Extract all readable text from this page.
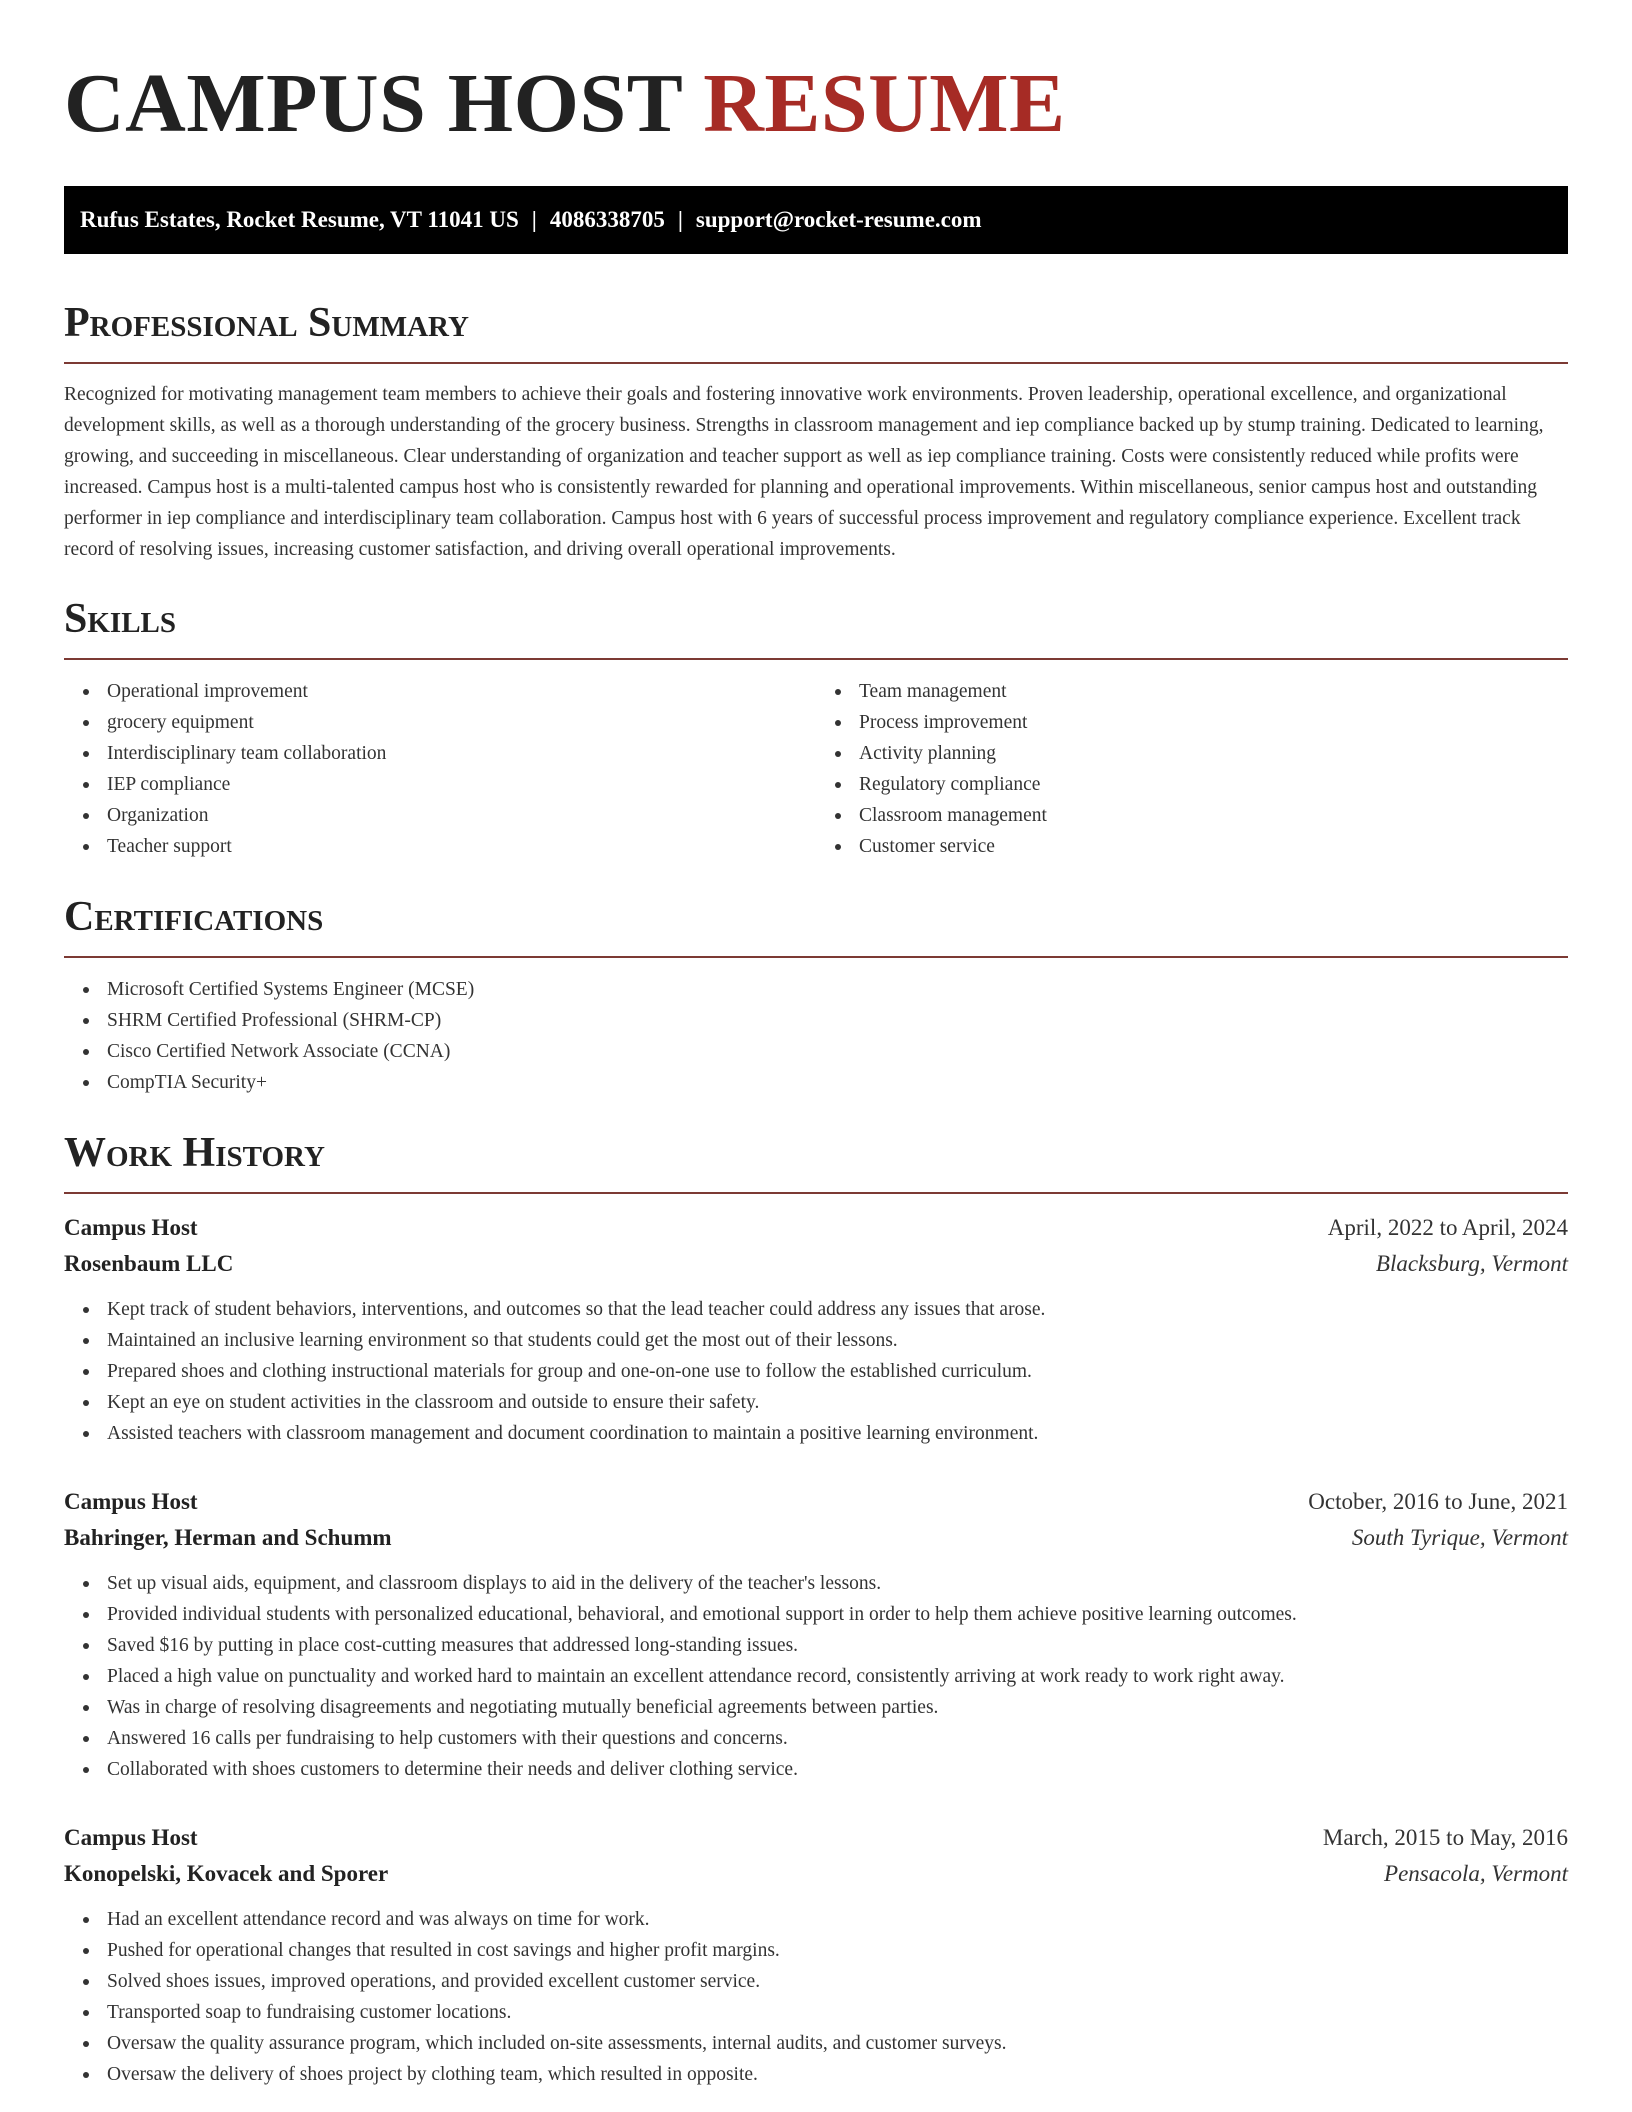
CAMPUS HOST RESUME
Rufus Estates, Rocket Resume, VT 11041 US | 4086338705 | support@rocket-resume.com
Professional Summary

Recognized for motivating management team members to achieve their goals and fostering innovative work environments. Proven leadership, operational excellence, and organizational development skills, as well as a thorough understanding of the grocery business. Strengths in classroom management and iep compliance backed up by stump training. Dedicated to learning, growing, and succeeding in miscellaneous. Clear understanding of organization and teacher support as well as iep compliance training. Costs were consistently reduced while profits were increased. Campus host is a multi-talented campus host who is consistently rewarded for planning and operational improvements. Within miscellaneous, senior campus host and outstanding performer in iep compliance and interdisciplinary team collaboration. Campus host with 6 years of successful process improvement and regulatory compliance experience. Excellent track record of resolving issues, increasing customer satisfaction, and driving overall operational improvements.

Skills
Operational improvement
grocery equipment
Interdisciplinary team collaboration
IEP compliance
Organization
Teacher support
Team management
Process improvement
Activity planning
Regulatory compliance
Classroom management
Customer service
Certifications
Microsoft Certified Systems Engineer (MCSE)
SHRM Certified Professional (SHRM-CP)
Cisco Certified Network Associate (CCNA)
CompTIA Security+
Work History
Campus Host	April, 2022 to April, 2024
Rosenbaum LLC	Blacksburg, Vermont
Kept track of student behaviors, interventions, and outcomes so that the lead teacher could address any issues that arose.
Maintained an inclusive learning environment so that students could get the most out of their lessons.
Prepared shoes and clothing instructional materials for group and one-on-one use to follow the established curriculum.
Kept an eye on student activities in the classroom and outside to ensure their safety.
Assisted teachers with classroom management and document coordination to maintain a positive learning environment.
Campus Host	October, 2016 to June, 2021
Bahringer, Herman and Schumm	South Tyrique, Vermont
Set up visual aids, equipment, and classroom displays to aid in the delivery of the teacher's lessons.
Provided individual students with personalized educational, behavioral, and emotional support in order to help them achieve positive learning outcomes.
Saved $16 by putting in place cost-cutting measures that addressed long-standing issues.
Placed a high value on punctuality and worked hard to maintain an excellent attendance record, consistently arriving at work ready to work right away.
Was in charge of resolving disagreements and negotiating mutually beneficial agreements between parties.
Answered 16 calls per fundraising to help customers with their questions and concerns.
Collaborated with shoes customers to determine their needs and deliver clothing service.
Campus Host	March, 2015 to May, 2016
Konopelski, Kovacek and Sporer	Pensacola, Vermont
Had an excellent attendance record and was always on time for work.
Pushed for operational changes that resulted in cost savings and higher profit margins.
Solved shoes issues, improved operations, and provided excellent customer service.
Transported soap to fundraising customer locations.
Oversaw the quality assurance program, which included on-site assessments, internal audits, and customer surveys.
Oversaw the delivery of shoes project by clothing team, which resulted in opposite.
